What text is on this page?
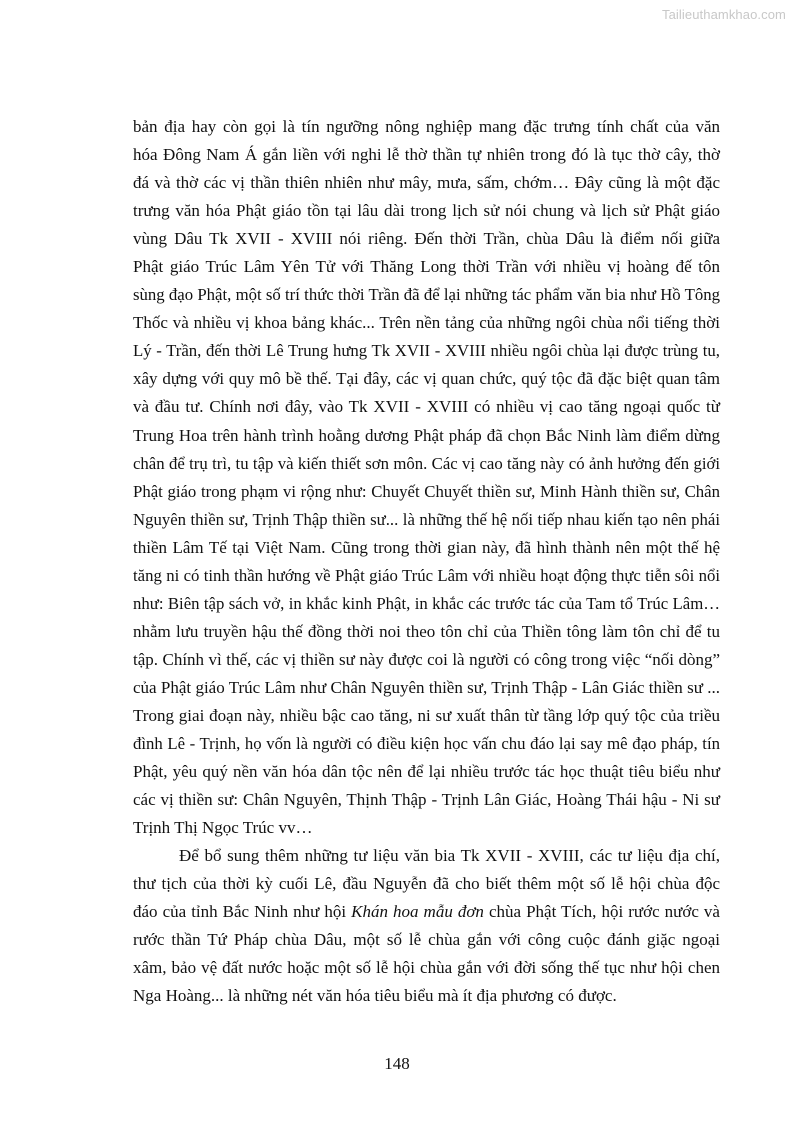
Tailieuthamkhao.com
bản địa hay còn gọi là tín ngưỡng nông nghiệp mang đặc trưng tính chất của văn
hóa Đông Nam Á gắn liền với nghi lễ thờ thần tự nhiên trong đó là tục thờ cây, thờ
đá và thờ các vị thần thiên nhiên như mây, mưa, sấm, chớm… Đây cũng là một đặc
trưng văn hóa Phật giáo tồn tại lâu dài trong lịch sử nói chung và lịch sử Phật giáo
vùng Dâu Tk XVII - XVIII nói riêng. Đến thời Trần, chùa Dâu là điểm nối giữa
Phật giáo Trúc Lâm Yên Tử với Thăng Long thời Trần với nhiều vị hoàng đế tôn
sùng đạo Phật, một số trí thức thời Trần đã để lại những tác phẩm văn bia như Hồ Tông
Thốc và nhiều vị khoa bảng khác... Trên nền tảng của những ngôi chùa nổi tiếng thời
Lý - Trần, đến thời Lê Trung hưng Tk XVII - XVIII nhiều ngôi chùa lại được trùng tu,
xây dựng với quy mô bề thế. Tại đây, các vị quan chức, quý tộc đã đặc biệt quan tâm
và đầu tư. Chính nơi đây, vào Tk XVII - XVIII có nhiều vị cao tăng ngoại quốc từ
Trung Hoa trên hành trình hoằng dương Phật pháp đã chọn Bắc Ninh làm điểm dừng
chân để trụ trì, tu tập và kiến thiết sơn môn. Các vị cao tăng này có ảnh hưởng đến giới
Phật giáo trong phạm vi rộng như: Chuyết Chuyết thiền sư, Minh Hành thiền sư, Chân
Nguyên thiền sư, Trịnh Thập thiền sư... là những thế hệ nối tiếp nhau kiến tạo nên phái
thiền Lâm Tế tại Việt Nam. Cũng trong thời gian này, đã hình thành nên một thế hệ
tăng ni có tinh thần hướng về Phật giáo Trúc Lâm với nhiều hoạt động thực tiễn sôi nổi
như: Biên tập sách vở, in khắc kinh Phật, in khắc các trước tác của Tam tổ Trúc Lâm…
nhằm lưu truyền hậu thế đồng thời noi theo tôn chỉ của Thiền tông làm tôn chỉ để tu
tập. Chính vì thế, các vị thiền sư này được coi là người có công trong việc “nối dòng”
của Phật giáo Trúc Lâm như Chân Nguyên thiền sư, Trịnh Thập - Lân Giác thiền sư ...
Trong giai đoạn này, nhiều bậc cao tăng, ni sư xuất thân từ tầng lớp quý tộc của triều
đình Lê - Trịnh, họ vốn là người có điều kiện học vấn chu đáo lại say mê đạo pháp, tín
Phật, yêu quý nền văn hóa dân tộc nên để lại nhiều trước tác học thuật tiêu biểu như
các vị thiền sư: Chân Nguyên, Thịnh Thập - Trịnh Lân Giác, Hoàng Thái hậu - Ni sư
Trịnh Thị Ngọc Trúc vv…
Để bổ sung thêm những tư liệu văn bia Tk XVII - XVIII, các tư liệu địa chí,
thư tịch của thời kỳ cuối Lê, đầu Nguyễn đã cho biết thêm một số lễ hội chùa độc
đáo của tỉnh Bắc Ninh như hội Khán hoa mẫu đơn chùa Phật Tích, hội rước nước và
rước thần Tứ Pháp chùa Dâu, một số lễ chùa gắn với công cuộc đánh giặc ngoại
xâm, bảo vệ đất nước hoặc một số lễ hội chùa gắn với đời sống thế tục như hội chen
Nga Hoàng... là những nét văn hóa tiêu biểu mà ít địa phương có được.
148
